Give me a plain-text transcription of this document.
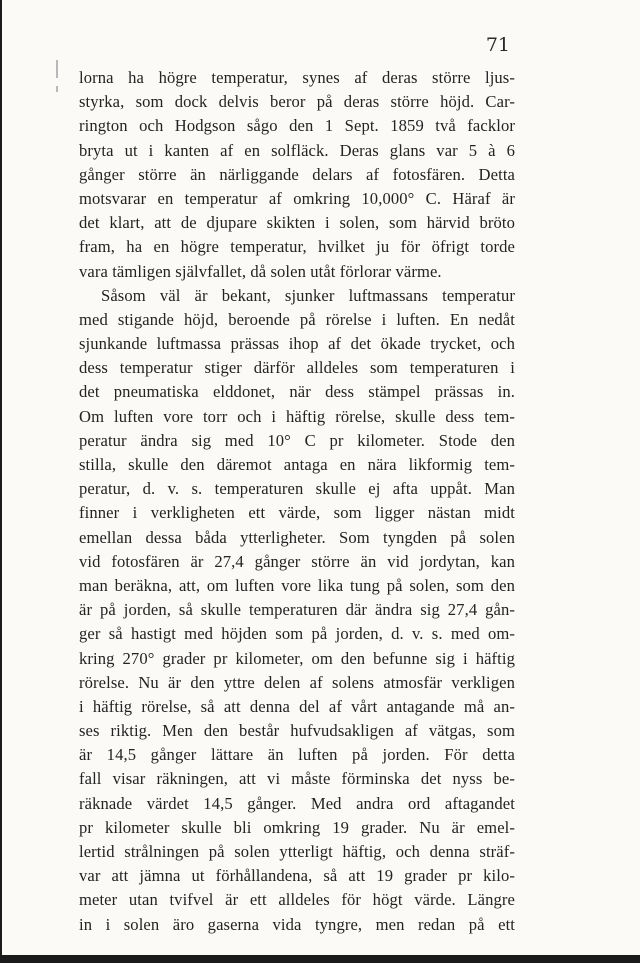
71
lorna ha högre temperatur, synes af deras större ljus-
styrka, som dock delvis beror på deras större höjd. Car-
rington och Hodgson sågo den 1 Sept. 1859 två facklor
bryta ut i kanten af en solfläck. Deras glans var 5 à 6
gånger större än närliggande delars af fotosfären. Detta
motsvarar en temperatur af omkring 10,000° C. Häraf är
det klart, att de djupare skikten i solen, som härvid bröto
fram, ha en högre temperatur, hvilket ju för öfrigt torde
vara tämligen självfallet, då solen utåt förlorar värme.
Såsom väl är bekant, sjunker luftmassans temperatur
med stigande höjd, beroende på rörelse i luften. En nedåt
sjunkande luftmassa prässas ihop af det ökade trycket, och
dess temperatur stiger därför alldeles som temperaturen i
det pneumatiska elddonet, när dess stämpel prässas in.
Om luften vore torr och i häftig rörelse, skulle dess tem-
peratur ändra sig med 10° C pr kilometer. Stode den
stilla, skulle den däremot antaga en nära likformig tem-
peratur, d. v. s. temperaturen skulle ej afta uppåt. Man
finner i verkligheten ett värde, som ligger nästan midt
emellan dessa båda ytterligheter. Som tyngden på solen
vid fotosfären är 27,4 gånger större än vid jordytan, kan
man beräkna, att, om luften vore lika tung på solen, som den
är på jorden, så skulle temperaturen där ändra sig 27,4 gån-
ger så hastigt med höjden som på jorden, d. v. s. med om-
kring 270° grader pr kilometer, om den befunne sig i häftig
rörelse. Nu är den yttre delen af solens atmosfär verkligen
i häftig rörelse, så att denna del af vårt antagande må an-
ses riktig. Men den består hufvudsakligen af vätgas, som
är 14,5 gånger lättare än luften på jorden. För detta
fall visar räkningen, att vi måste förminska det nyss be-
räknade värdet 14,5 gånger. Med andra ord aftagandet
pr kilometer skulle bli omkring 19 grader. Nu är emel-
lertid strålningen på solen ytterligt häftig, och denna sträf-
var att jämna ut förhållandena, så att 19 grader pr kilo-
meter utan tvifvel är ett alldeles för högt värde. Längre
in i solen äro gaserna vida tyngre, men redan på ett
